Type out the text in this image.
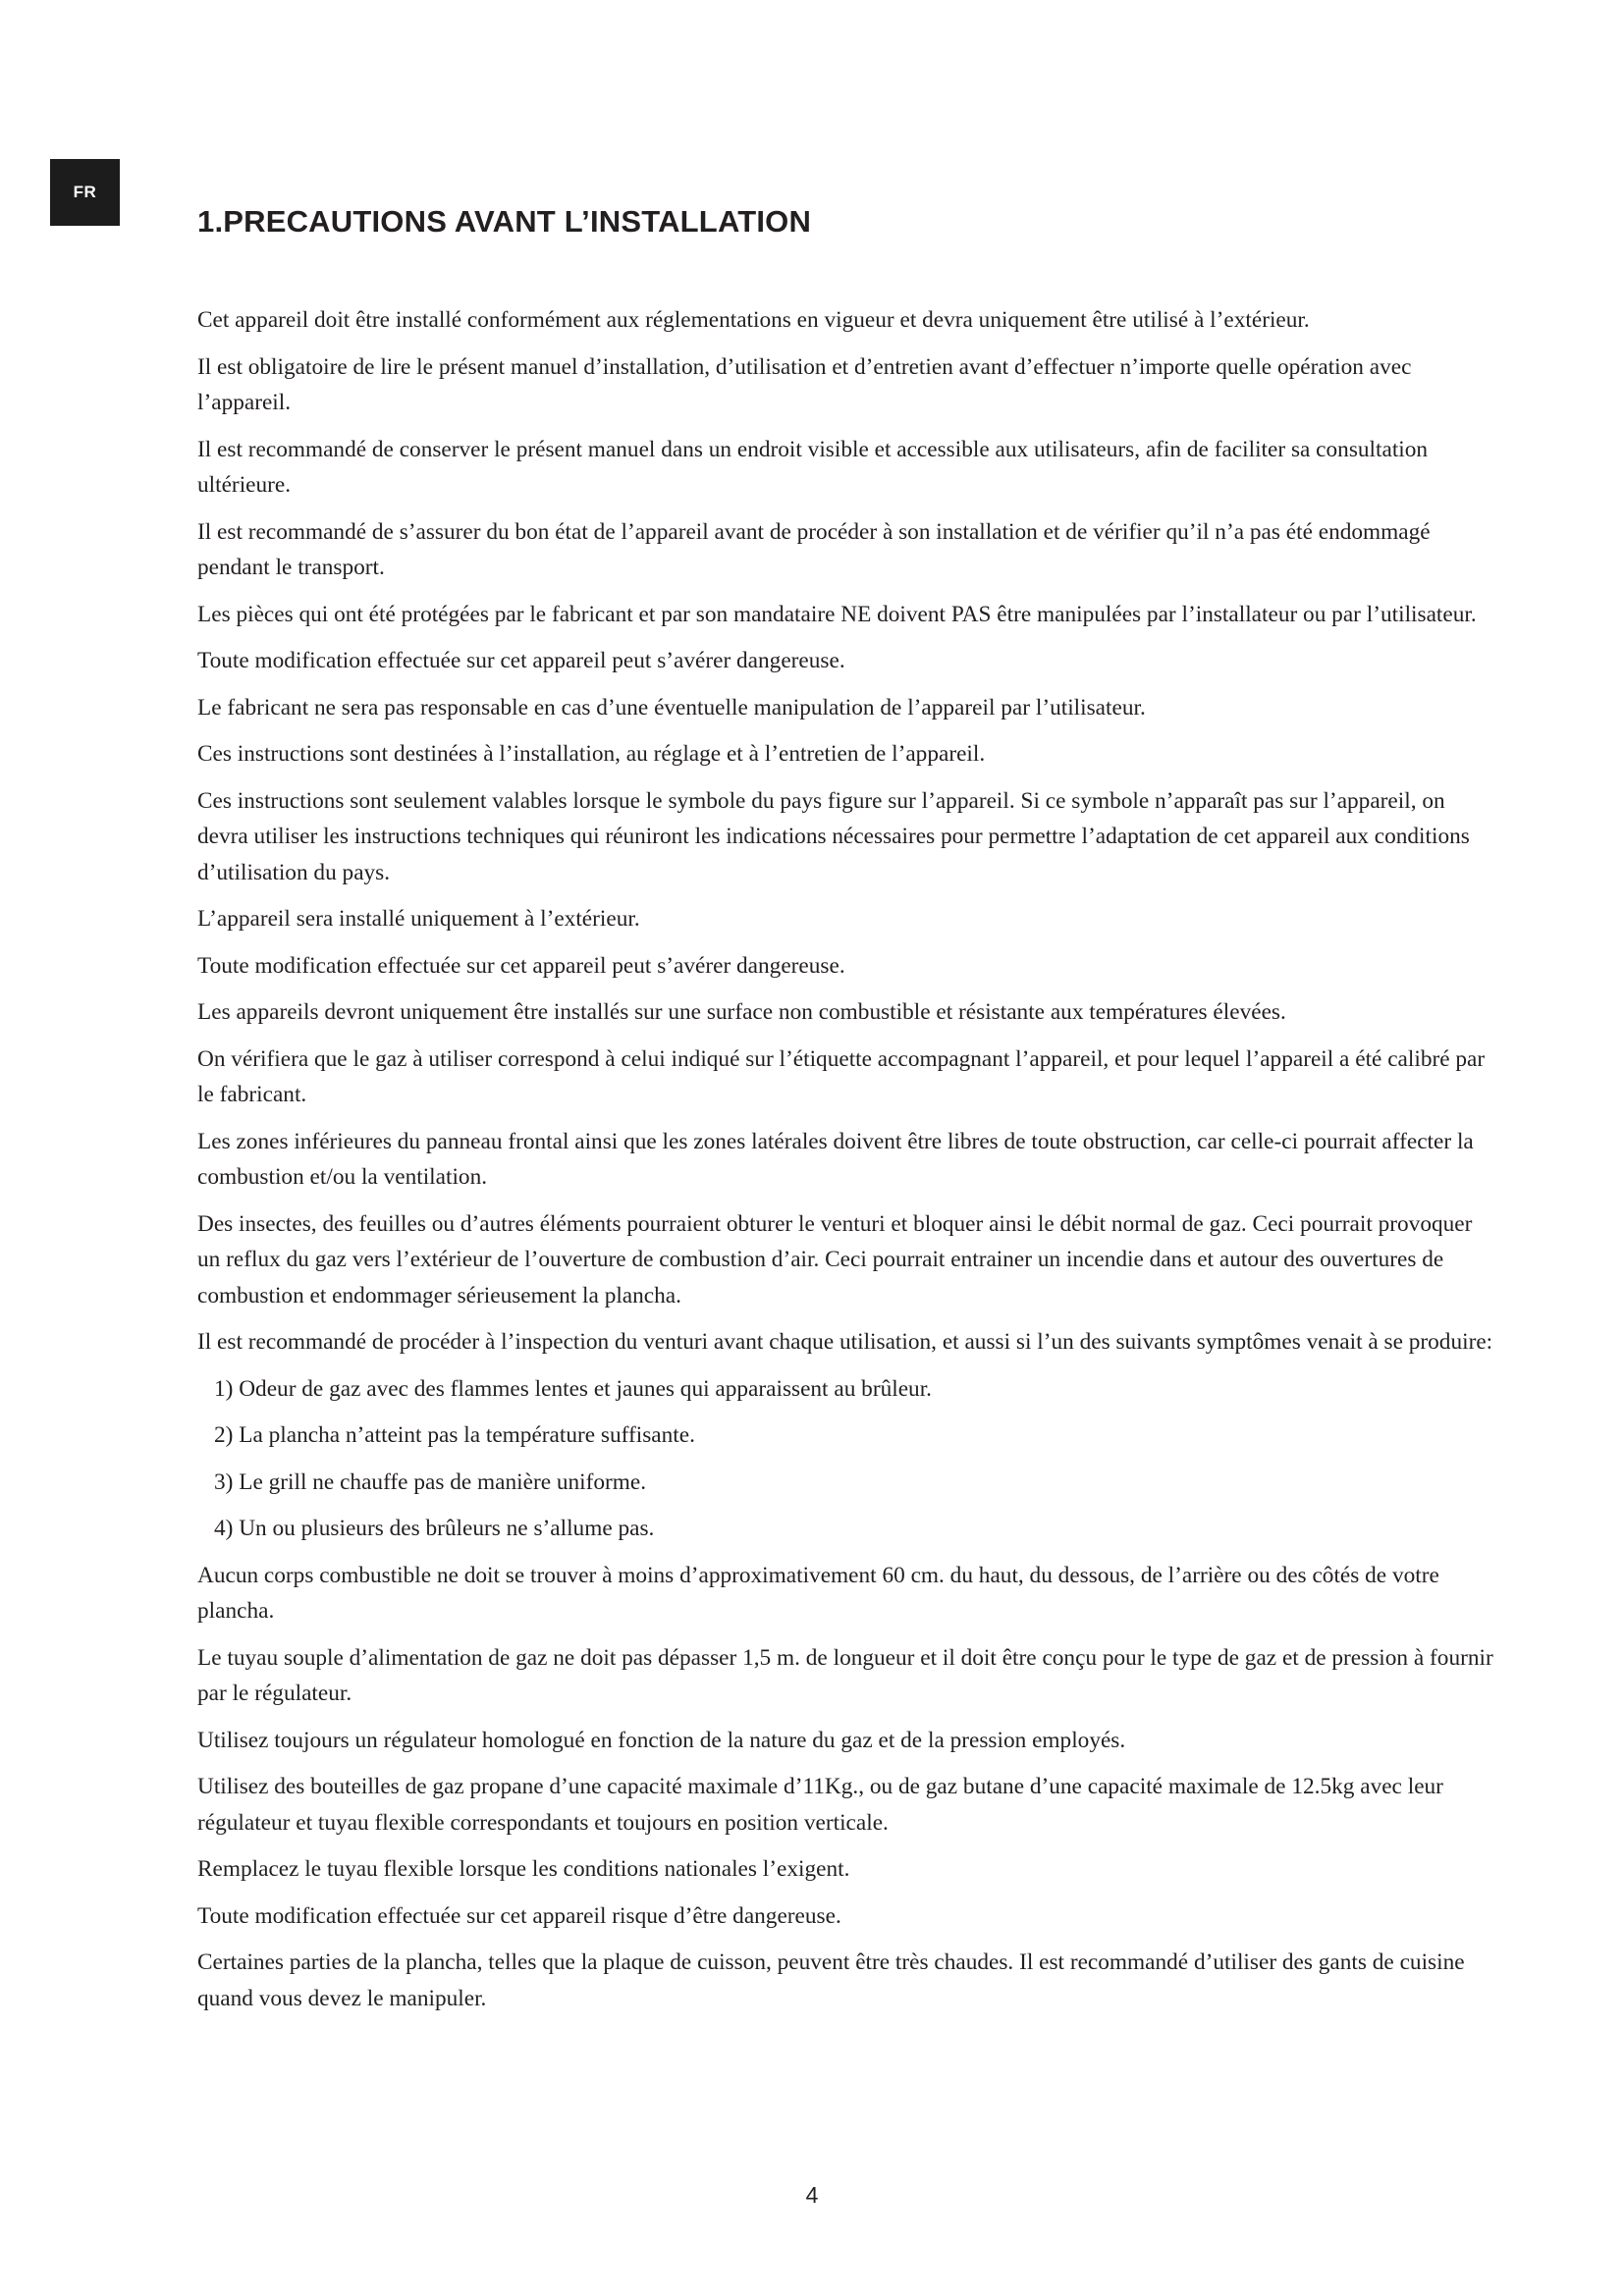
FR
1.PRECAUTIONS AVANT L’INSTALLATION

Cet appareil doit être installé conformément aux réglementations en vigueur et devra uniquement être utilisé à l’extérieur.

Il est obligatoire de lire le présent manuel d’installation, d’utilisation et d’entretien avant d’effectuer n’importe quelle opération avec l’appareil.

Il est recommandé de conserver le présent manuel dans un endroit visible et accessible aux utilisateurs, afin de faciliter sa consultation ultérieure.

Il est recommandé de s’assurer du bon état de l’appareil avant de procéder à son installation et de vérifier qu’il n’a pas été endommagé pendant le transport.

Les pièces qui ont été protégées par le fabricant et par son mandataire NE doivent PAS être manipulées par l’installateur ou par l’utilisateur.

Toute modification effectuée sur cet appareil peut s’avérer dangereuse.

Le fabricant ne sera pas responsable en cas d’une éventuelle manipulation de l’appareil par l’utilisateur.

Ces instructions sont destinées à l’installation, au réglage et à l’entretien de l’appareil.

Ces instructions sont seulement valables lorsque le symbole du pays figure sur l’appareil. Si ce symbole n’apparaît pas sur l’appareil, on devra utiliser les instructions techniques qui réuniront les indications nécessaires pour permettre l’adaptation de cet appareil aux conditions d’utilisation du pays.

L’appareil sera installé uniquement à l’extérieur.

Toute modification effectuée sur cet appareil peut s’avérer dangereuse.

Les appareils devront uniquement être installés sur une surface non combustible et résistante aux températures élevées.

On vérifiera que le gaz à utiliser correspond à celui indiqué sur l’étiquette accompagnant l’appareil, et pour lequel l’appareil a été calibré par le fabricant.

Les zones inférieures du panneau frontal ainsi que les zones latérales doivent être libres de toute obstruction, car celle-ci pourrait affecter la combustion et/ou la ventilation.

Des insectes, des feuilles ou d’autres éléments pourraient obturer le venturi et bloquer ainsi le débit normal de gaz. Ceci pourrait provoquer un reflux du gaz vers l’extérieur de l’ouverture de combustion d’air. Ceci pourrait entrainer un incendie dans et autour des ouvertures de combustion et endommager sérieusement la plancha.

Il est recommandé de procéder à l’inspection du venturi avant chaque utilisation, et aussi si l’un des suivants symptômes venait à se produire:

1) Odeur de gaz avec des flammes lentes et jaunes qui apparaissent au brûleur.

2) La plancha n’atteint pas la température suffisante.

3) Le grill ne chauffe pas de manière uniforme.

4) Un ou plusieurs des brûleurs ne s’allume pas.

Aucun corps combustible ne doit se trouver à moins d’approximativement 60 cm. du haut, du dessous, de l’arrière ou des côtés de votre plancha.

Le tuyau souple d’alimentation de gaz ne doit pas dépasser 1,5 m. de longueur et il doit être conçu pour le type de gaz et de pression à fournir par le régulateur.

Utilisez toujours un régulateur homologué en fonction de la nature du gaz et de la pression employés.

Utilisez des bouteilles de gaz propane d’une capacité maximale d’11Kg., ou de gaz butane d’une capacité maximale de 12.5kg avec leur régulateur et tuyau flexible correspondants et toujours en position verticale.

Remplacez le tuyau flexible lorsque les conditions nationales l’exigent.

Toute modification effectuée sur cet appareil risque d’être dangereuse.

Certaines parties de la plancha, telles que la plaque de cuisson, peuvent être très chaudes. Il est recommandé d’utiliser des gants de cuisine quand vous devez le manipuler.

4
